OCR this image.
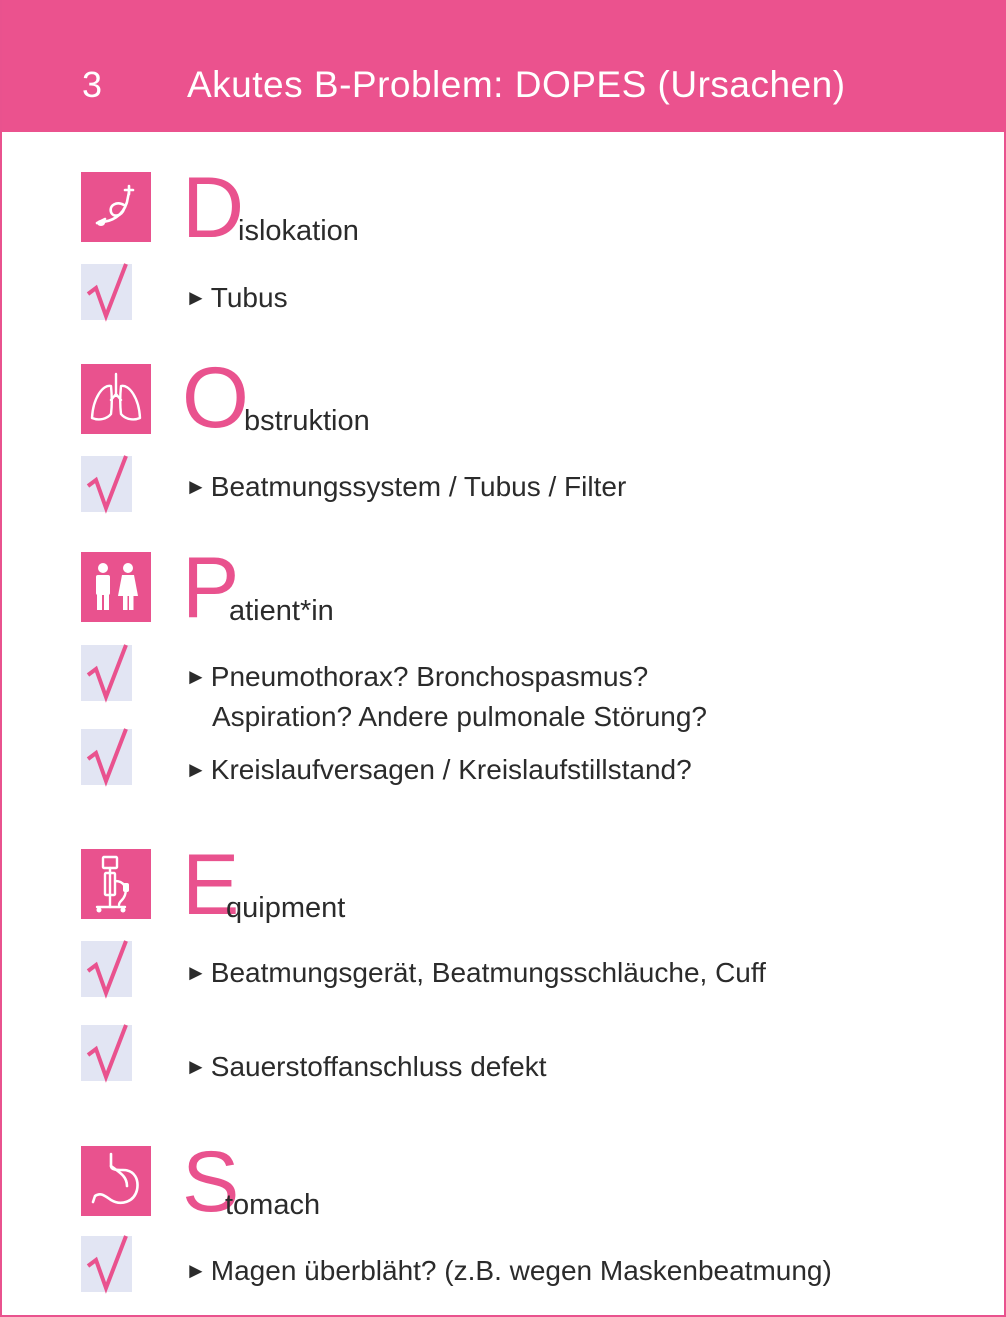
3 Akutes B-Problem: DOPES (Ursachen)
D
islokation
► Tubus
O
bstruktion
► Beatmungssystem / Tubus / Filter
P
atient*in
► Pneumothorax? Bronchospasmus?
Aspiration? Andere pulmonale Störung?
► Kreislaufversagen / Kreislaufstillstand?
E
quipment
► Beatmungsgerät, Beatmungsschläuche, Cuff
► Sauerstoffanschluss defekt
S
tomach
► Magen überbläht? (z.B. wegen Maskenbeatmung)
